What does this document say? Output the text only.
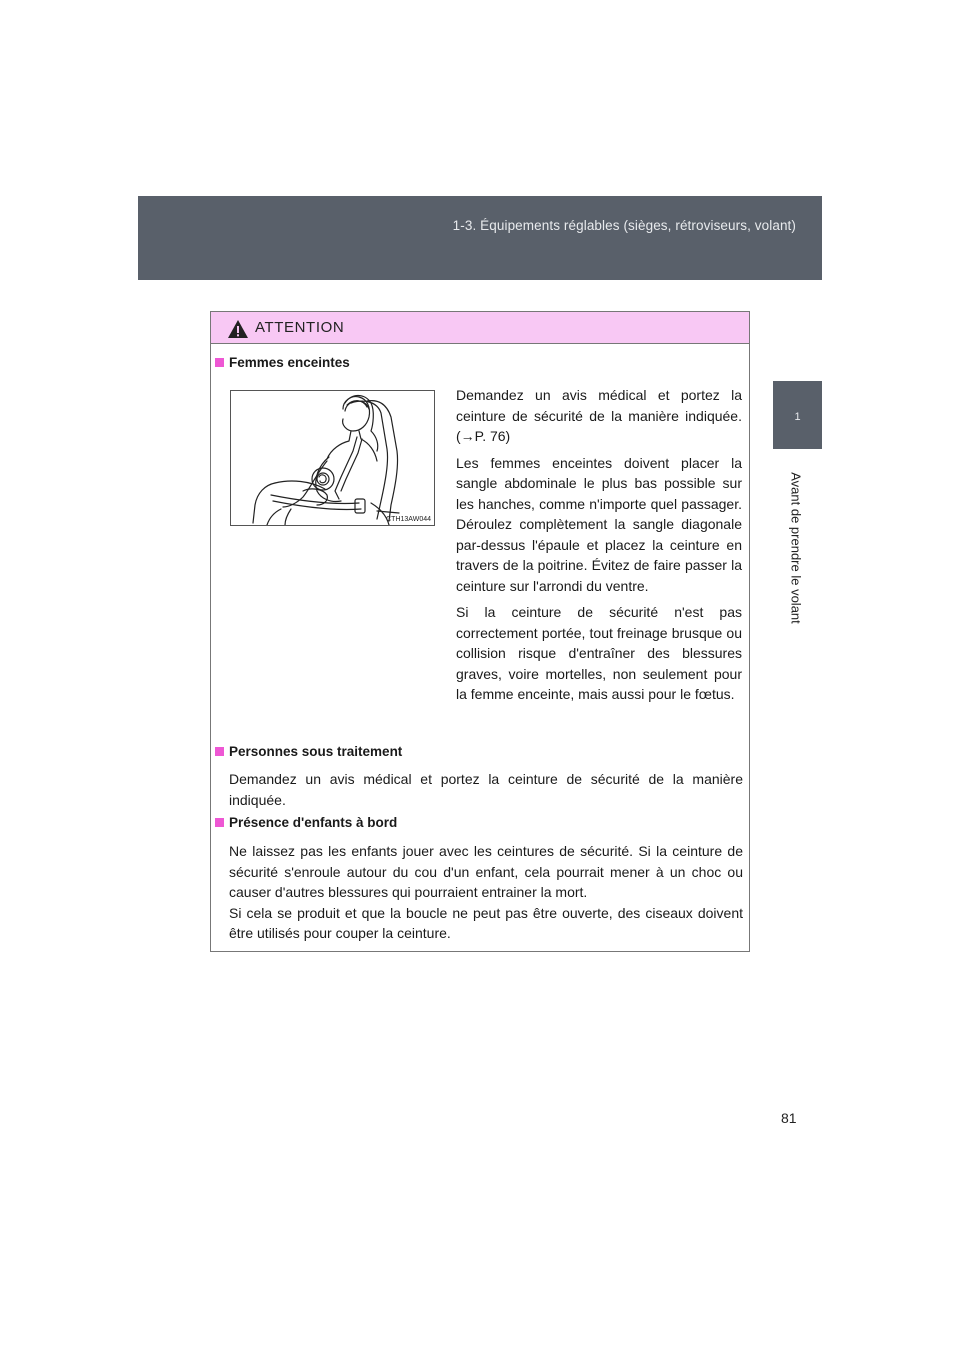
1-3. Équipements réglables (sièges, rétroviseurs, volant)
1
Avant de prendre le volant
ATTENTION
Femmes enceintes
CTH13AW044

Demandez un avis médical et portez la ceinture de sécurité de la manière indiquée. (→P. 76)

Les femmes enceintes doivent placer la sangle abdominale le plus bas possible sur les hanches, comme n'importe quel passager. Déroulez complètement la sangle diagonale par-dessus l'épaule et placez la ceinture en travers de la poitrine. Évitez de faire passer la ceinture sur l'arrondi du ventre.

Si la ceinture de sécurité n'est pas correctement portée, tout freinage brusque ou collision risque d'entraîner des blessures graves, voire mortelles, non seulement pour la femme enceinte, mais aussi pour le fœtus.

Personnes sous traitement

Demandez un avis médical et portez la ceinture de sécurité de la manière indiquée.

Présence d'enfants à bord

Ne laissez pas les enfants jouer avec les ceintures de sécurité. Si la ceinture de sécurité s'enroule autour du cou d'un enfant, cela pourrait mener à un choc ou causer d'autres blessures qui pourraient entrainer la mort.

Si cela se produit et que la boucle ne peut pas être ouverte, des ciseaux doivent être utilisés pour couper la ceinture.

81
